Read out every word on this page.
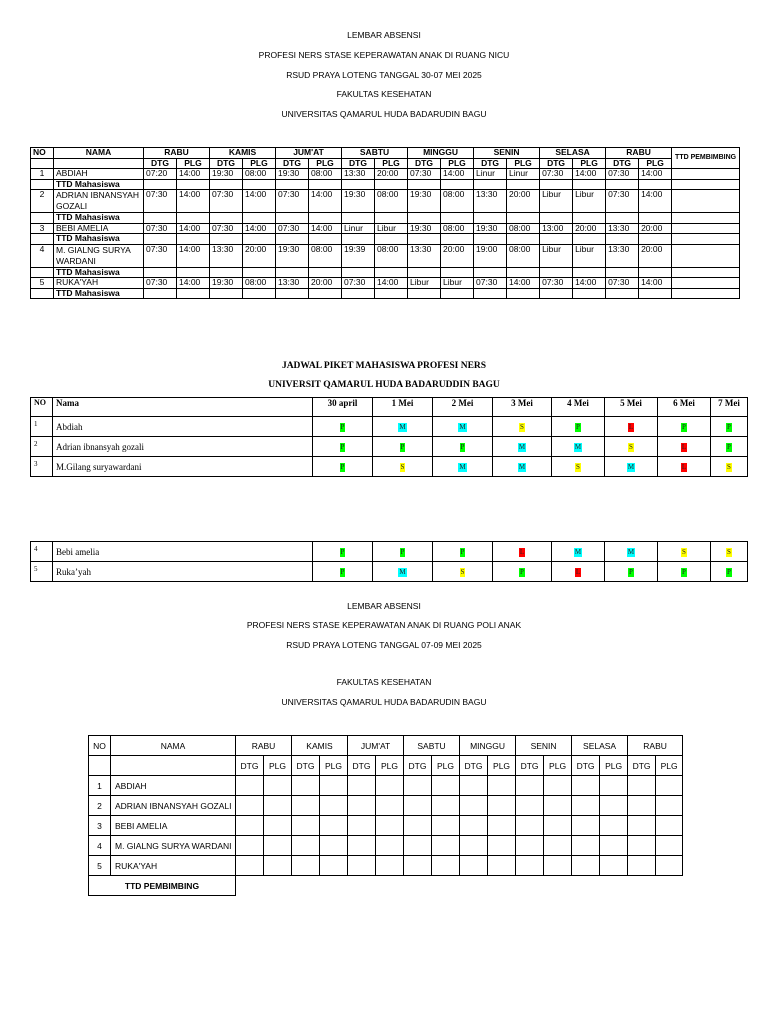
LEMBAR ABSENSI
PROFESI NERS STASE KEPERAWATAN ANAK DI RUANG NICU
RSUD PRAYA LOTENG TANGGAL 30-07 MEI 2025
FAKULTAS KESEHATAN
UNIVERSITAS QAMARUL HUDA BADARUDIN BAGU
NO	NAMA	RABU		KAMIS		JUM'AT		SABTU		MINGGU		SENIN		SELASA		RABU		TTD PEMBIMBING
		DTG	PLG	DTG	PLG	DTG	PLG	DTG	PLG	DTG	PLG	DTG	PLG	DTG	PLG	DTG	PLG	
1	ABDIAH	07:20	14:00	19:30	08:00	19:30	08:00	13:30	20:00	07:30	14:00	Linur	Linur	07:30	14:00	07:30	14:00	
	TTD Mahasiswa																	
2	ADRIAN IBNANSYAH GOZALI	07:30	14:00	07:30	14:00	07:30	14:00	19:30	08:00	19:30	08:00	13:30	20:00	Libur	Libur	07:30	14:00	
	TTD Mahasiswa																	
3	BEBI AMELIA	07:30	14:00	07:30	14:00	07:30	14:00	Linur	Libur	19:30	08:00	19:30	08:00	13:00	20:00	13:30	20:00	
	TTD Mahasiswa																	
4	M. GIALNG SURYA WARDANI	07:30	14:00	13:30	20:00	19:30	08:00	19:39	08:00	13:30	20:00	19:00	08:00	Libur	Libur	13:30	20:00	
	TTD Mahasiswa																	
5	RUKA'YAH	07:30	14:00	19:30	08:00	13:30	20:00	07:30	14:00	Libur	Libur	07:30	14:00	07:30	14:00	07:30	14:00	
	TTD Mahasiswa																	
JADWAL PIKET MAHASISWA PROFESI NERS
UNIVERSIT QAMARUL HUDA BADARUDDIN BAGU
NO	Nama	30 april	1 Mei	2 Mei	3 Mei	4 Mei	5 Mei	6 Mei	7 Mei
1	Abdiah	P	M	M	S	P	L	P	P
2	Adrian ibnansyah gozali	P	P	P	M	M	S	L	P
3	M.Gilang suryawardani	P	S	M	M	S	M	L	S
4	Bebi amelia	P	P	P	L	M	M	S	S
5	Ruka’yah	P	M	S	P	L	P	P	P
LEMBAR ABSENSI
PROFESI NERS STASE KEPERAWATAN ANAK DI RUANG POLI ANAK
RSUD PRAYA LOTENG TANGGAL 07-09 MEI 2025
FAKULTAS KESEHATAN
UNIVERSITAS QAMARUL HUDA BADARUDIN BAGU
NO	NAMA	RABU		KAMIS		JUM'AT		SABTU		MINGGU		SENIN		SELASA		RABU	
		DTG	PLG	DTG	PLG	DTG	PLG	DTG	PLG	DTG	PLG	DTG	PLG	DTG	PLG	DTG	PLG
1	ABDIAH																
2	ADRIAN IBNANSYAH GOZALI																
3	BEBI AMELIA																
4	M. GIALNG SURYA WARDANI																
5	RUKA'YAH																
TTD PEMBIMBING																	
